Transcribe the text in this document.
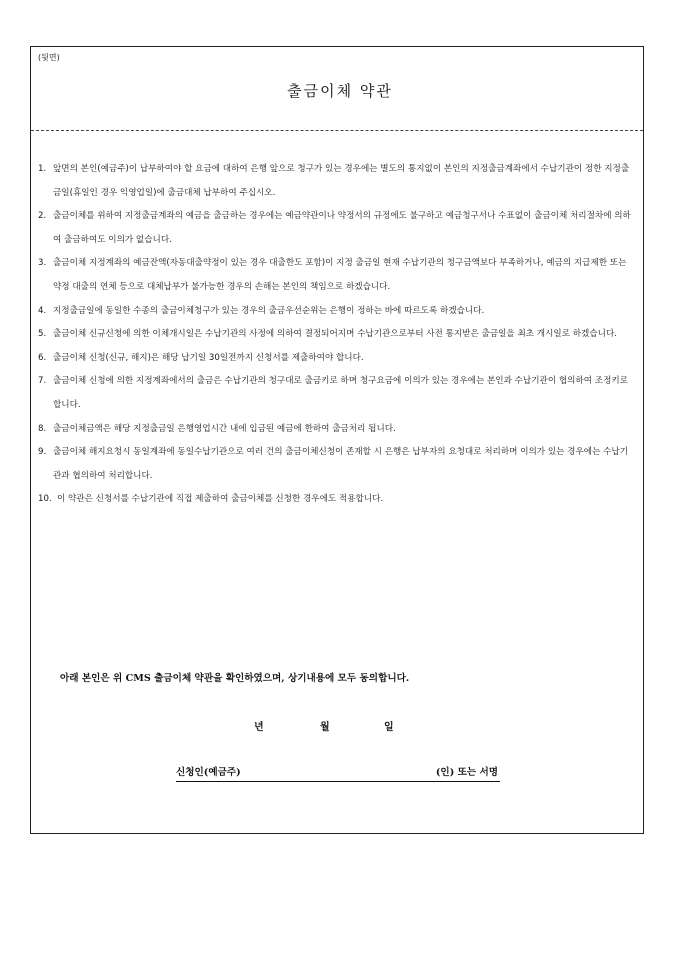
(뒷면)

출금이체 약관
1. 앞면의 본인(예금주)이 납부하여야 할 요금에 대하여 은행 앞으로 청구가 있는 경우에는 별도의 통지없이 본인의 지정출금계좌에서 수납기관이 정한 지정출금일(휴일인 경우 익영업일)에 출금대체 납부하여 주십시오.
2. 출금이체를 위하여 지정출금계좌의 예금을 출금하는 경우에는 예금약관이나 약정서의 규정에도 불구하고 예금청구서나 수표없이 출금이체 처리절차에 의하여 출금하여도 이의가 없습니다.
3. 출금이체 지정계좌의 예금잔액(자동대출약정이 있는 경우 대출한도 포함)이 지정 출금일 현재 수납기관의 청구금액보다 부족하거나, 예금의 지급제한 또는 약정 대출의 연체 등으로 대체납부가 불가능한 경우의 손해는 본인의 책임으로 하겠습니다.
4. 지정출금일에 동일한 수종의 출금이체청구가 있는 경우의 출금우선순위는 은행이 정하는 바에 따르도록 하겠습니다.
5. 출금이체 신규신청에 의한 이체개시일은 수납기관의 사정에 의하여 결정되어지며 수납기관으로부터 사전 통지받은 출금일을 최초 개시일로 하겠습니다.
6. 출금이체 신청(신규, 해지)은 해당 납기일 30일전까지 신청서를 제출하여야 합니다.
7. 출금이체 신청에 의한 지정계좌에서의 출금은 수납기관의 청구대로 출금키로 하며 청구요금에 이의가 있는 경우에는 본인과 수납기관이 협의하여 조정키로 합니다.
8. 출금이체금액은 해당 지정출금일 은행영업시간 내에 입금된 예금에 한하여 출금처리 됩니다.
9. 출금이체 해지요청시 동일계좌에 동일수납기관으로 여러 건의 출금이체신청이 존재할 시 은행은 납부자의 요청대로 처리하며 이의가 있는 경우에는 수납기관과 협의하여 처리합니다.
10. 이 약관은 신청서를 수납기관에 직접 제출하여 출금이체를 신청한 경우에도 적용합니다.

아래 본인은 위 CMS 출금이체 약관을 확인하였으며, 상기내용에 모두 동의합니다.

년	월	일
신청인(예금주)	(인) 또는 서명
